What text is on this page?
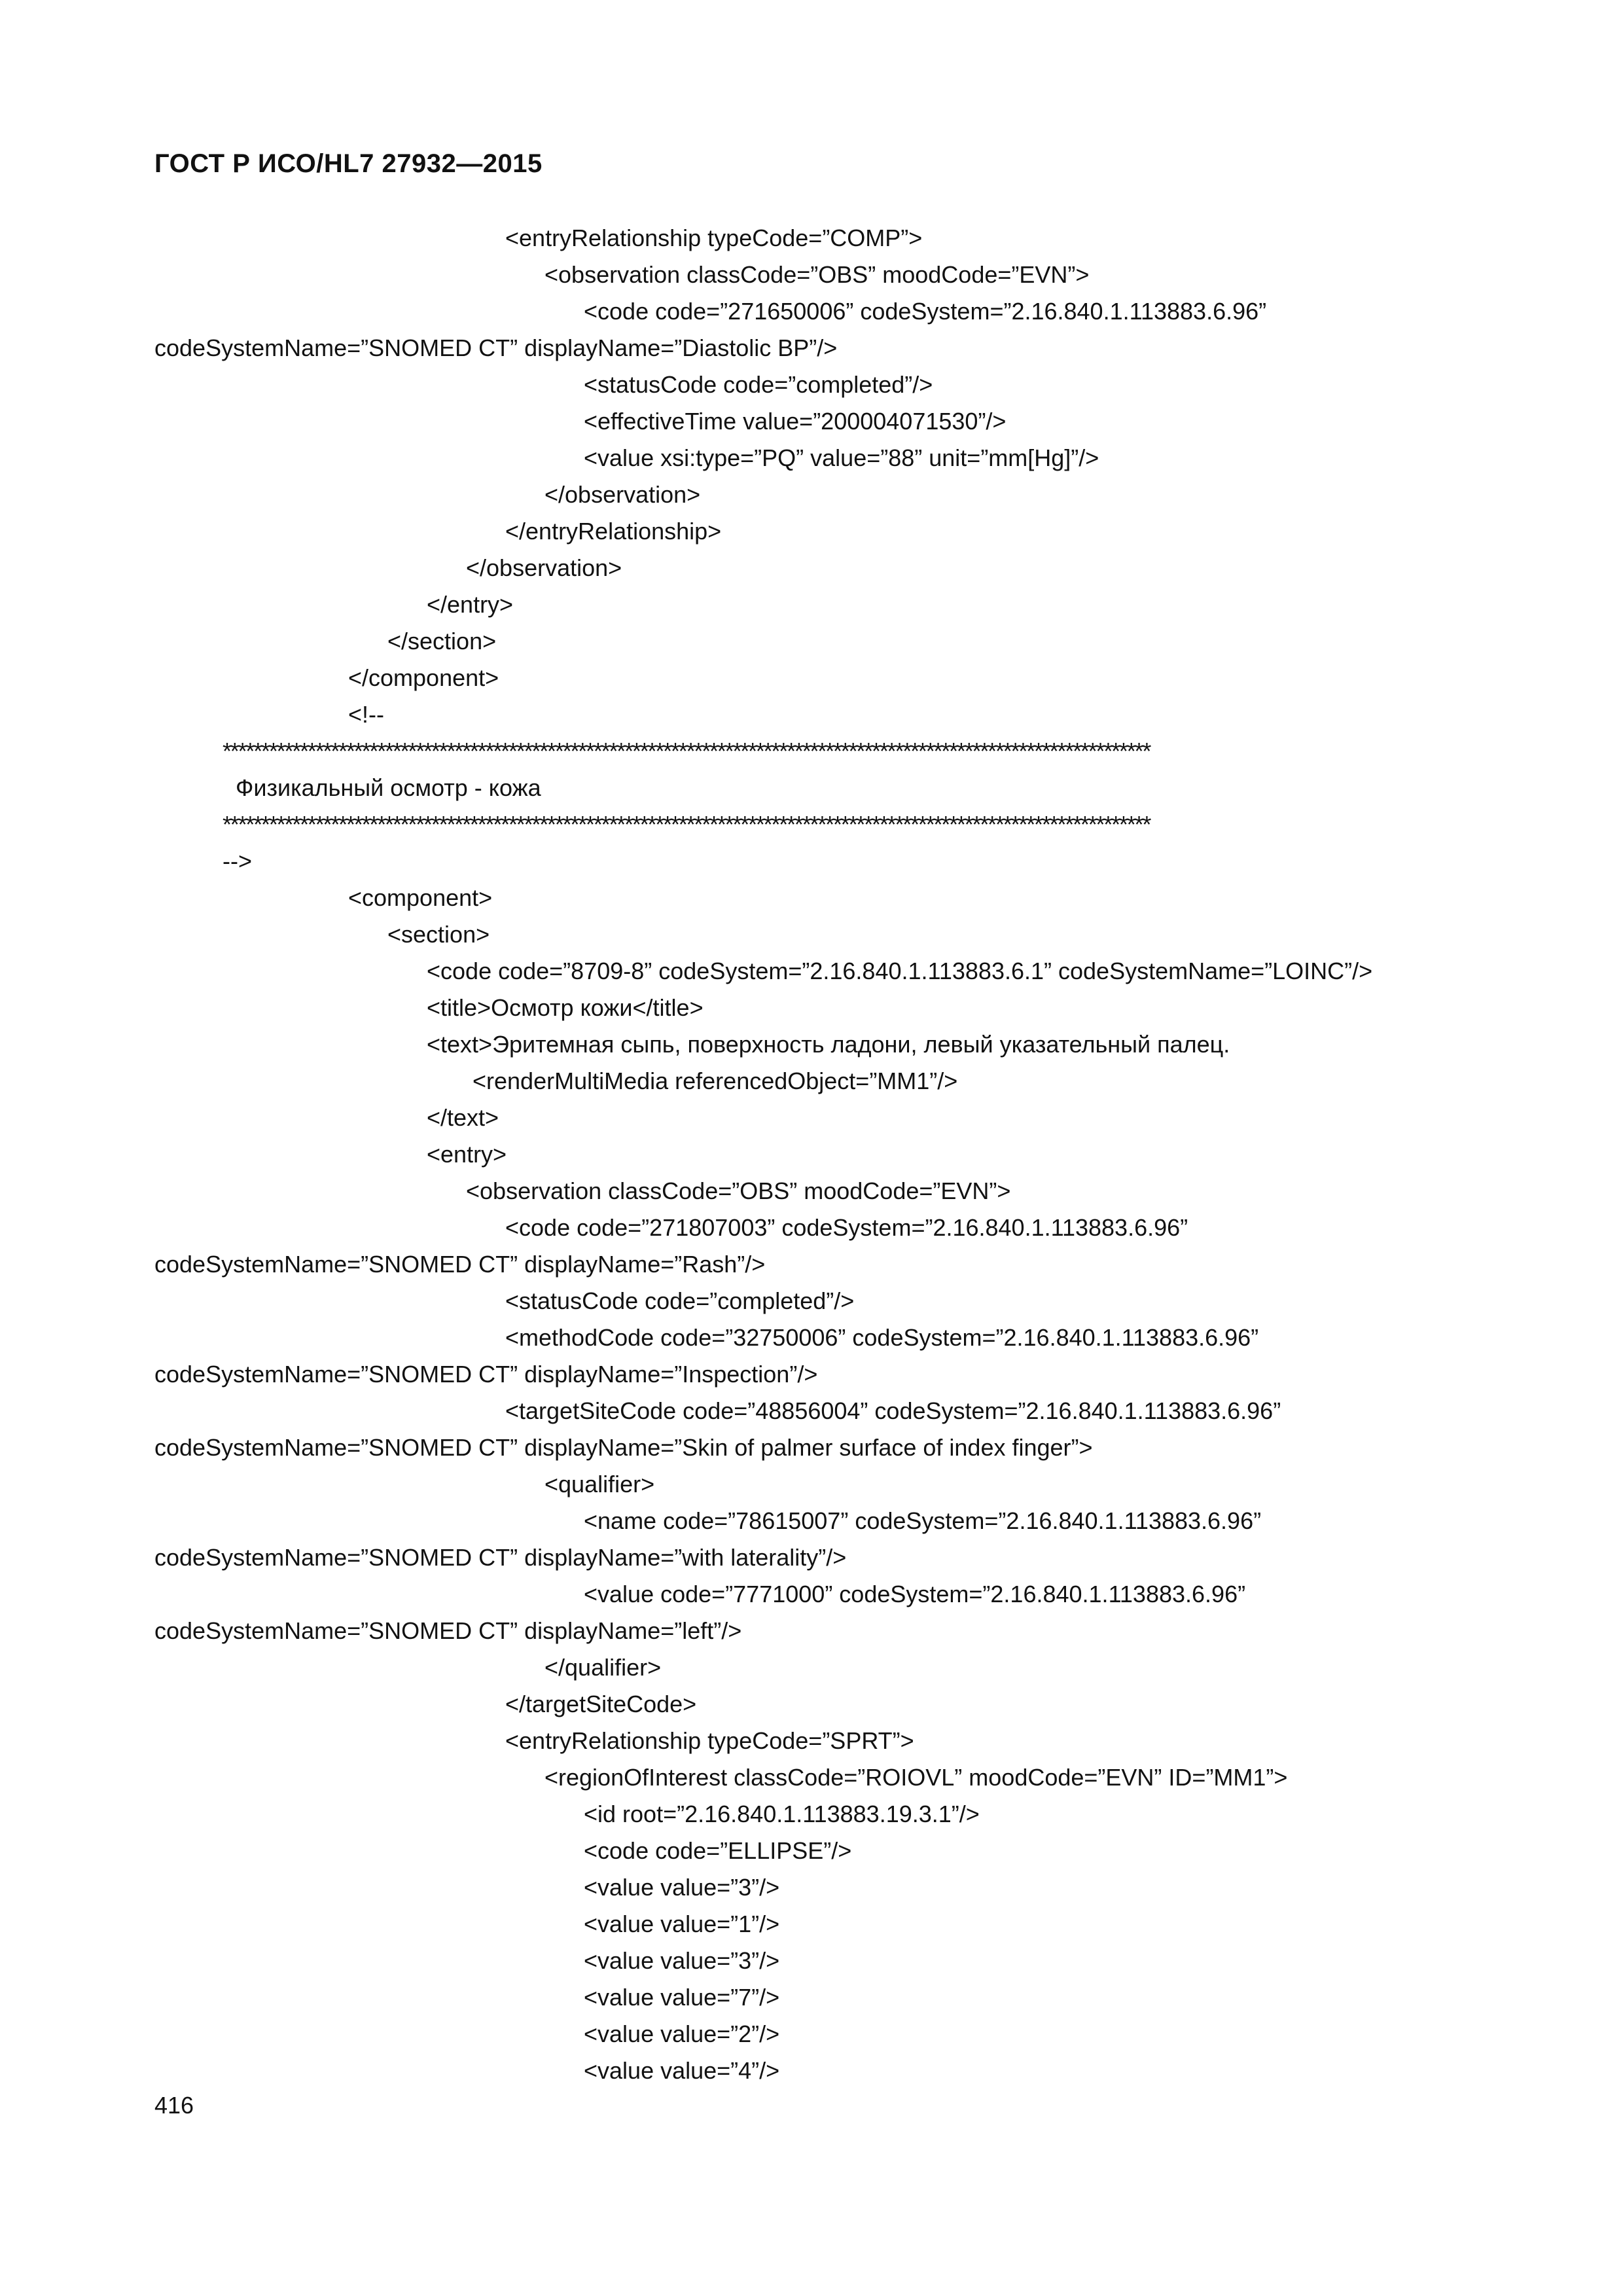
ГОСТ Р ИСО/HL7 27932—2015
<entryRelationship typeCode=”COMP”>
<observation classCode=”OBS” moodCode=”EVN”>
<code code=”271650006” codeSystem=”2.16.840.1.113883.6.96”
codeSystemName=”SNOMED CT” displayName=”Diastolic BP”/>
<statusCode code=”completed”/>
<effectiveTime value=”200004071530”/>
<value xsi:type=”PQ” value=”88” unit=”mm[Hg]”/>
</observation>
</entryRelationship>
</observation>
</entry>
</section>
</component>
<!--
************************************************************************************************************************
Физикальный осмотр - кожа
************************************************************************************************************************
-->
<component>
<section>
<code code=”8709-8” codeSystem=”2.16.840.1.113883.6.1” codeSystemName=”LOINC”/>
<title>Осмотр кожи</title>
<text>Эритемная сыпь, поверхность ладони, левый указательный палец.
<renderMultiMedia referencedObject=”MM1”/>
</text>
<entry>
<observation classCode=”OBS” moodCode=”EVN”>
<code code=”271807003” codeSystem=”2.16.840.1.113883.6.96”
codeSystemName=”SNOMED CT” displayName=”Rash”/>
<statusCode code=”completed”/>
<methodCode code=”32750006” codeSystem=”2.16.840.1.113883.6.96”
codeSystemName=”SNOMED CT” displayName=”Inspection”/>
<targetSiteCode code=”48856004” codeSystem=”2.16.840.1.113883.6.96”
codeSystemName=”SNOMED CT” displayName=”Skin of palmer surface of index finger”>
<qualifier>
<name code=”78615007” codeSystem=”2.16.840.1.113883.6.96”
codeSystemName=”SNOMED CT” displayName=”with laterality”/>
<value code=”7771000” codeSystem=”2.16.840.1.113883.6.96”
codeSystemName=”SNOMED CT” displayName=”left”/>
</qualifier>
</targetSiteCode>
<entryRelationship typeCode=”SPRT”>
<regionOfInterest classCode=”ROIOVL” moodCode=”EVN” ID=”MM1”>
<id root=”2.16.840.1.113883.19.3.1”/>
<code code=”ELLIPSE”/>
<value value=”3”/>
<value value=”1”/>
<value value=”3”/>
<value value=”7”/>
<value value=”2”/>
<value value=”4”/>
416
